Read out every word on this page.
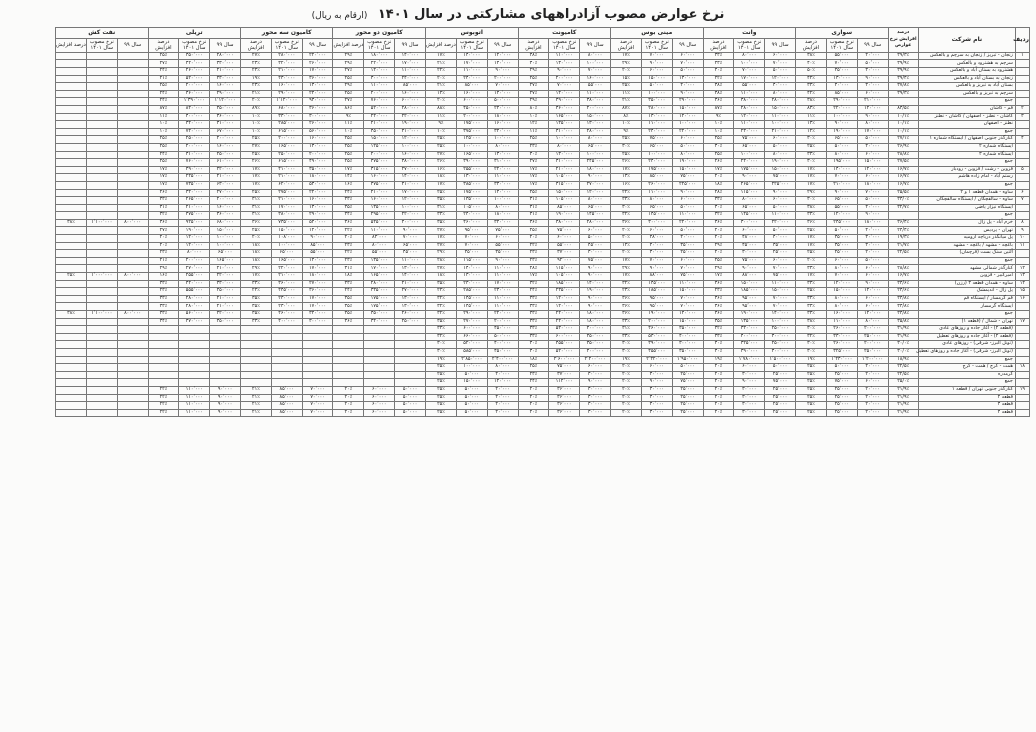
نرخ عوارض مصوب آزادراههای مشارکتی در سال ۱۴۰۱ (ارقام به ریال)
ردیف	نام شرکت	درصد افزایش نرخ عوارض	سواری			وانت			مینی بوس			کامیونت			اتوبوس			کامیون دو محور			کامیون سه محور			تریلی			نفت کش		
			سال ۹۹	نرخ مصوب سال ۱۴۰۱	درصد افزایش	سال ۹۹	نرخ مصوب سال ۱۴۰۱	درصد افزایش	سال ۹۹	نرخ مصوب سال ۱۴۰۱	درصد افزایش	سال ۹۹	نرخ مصوب سال ۱۴۰۱	درصد افزایش	سال ۹۹	نرخ مصوب سال ۱۴۰۱	درصد افزایش	سال ۹۹	نرخ مصوب سال ۱۴۰۱	درصد افزایش	سال ۹۹	نرخ مصوب سال ۱۴۰۱	درصد افزایش	سال ۹۹	نرخ مصوب سال ۱۴۰۱	درصد افزایش	سال ۹۹	نرخ مصوب سال ۱۴۰۱	درصد افزایش
۱	زنجان - تبریز / زنجان به سرچم و بالعکس	۳۹/۳٪	۴۰٬۰۰۰	۵۵٬۰۰۰	۳۸٪	۶۰٬۰۰۰	۸۰٬۰۰۰	۳۳٪	۶۰٬۰۰۰	۷۰٬۰۰۰	۱۷٪	۸۰٬۰۰۰	۱۱۰٬۰۰۰	۳۸٪	۱۲۰٬۰۰۰	۱۴۰٬۰۰۰	۱۷٪	۱۴۰٬۰۰۰	۱۸۰٬۰۰۰	۲۹٪	۲۲۰٬۰۰۰	۲۸۰٬۰۰۰	۲۷٪	۲۸۰٬۰۰۰	۳۵۰٬۰۰۰	۲۵٪			
	سرچم به هشترود و بالعکس	۳۹/۹٪	۵۰٬۰۰۰	۷۰٬۰۰۰	۴۰٪	۷۰٬۰۰۰	۱۰۰٬۰۰۰	۴۳٪	۷۰٬۰۰۰	۹۰٬۰۰۰	۲۹٪	۱۰۰٬۰۰۰	۱۳۰٬۰۰۰	۳۰٪	۱۴۰٬۰۰۰	۱۷۰٬۰۰۰	۲۱٪	۱۷۰٬۰۰۰	۲۲۰٬۰۰۰	۲۹٪	۲۶۰٬۰۰۰	۳۲۰٬۰۰۰	۲۳٪	۳۳۰٬۰۰۰	۴۲۰٬۰۰۰	۲۷٪			
	هشترود به بستان آباد و بالعکس	۳۹/۹٪	۳۰٬۰۰۰	۴۵٬۰۰۰	۵۰٪	۵۰٬۰۰۰	۷۰٬۰۰۰	۴۰٪	۵۰٬۰۰۰	۶۰٬۰۰۰	۲۰٪	۷۰٬۰۰۰	۹۰٬۰۰۰	۲۹٪	۹۰٬۰۰۰	۱۱۰٬۰۰۰	۲۲٪	۱۱۰٬۰۰۰	۱۴۰٬۰۰۰	۲۷٪	۱۷۰٬۰۰۰	۲۱۰٬۰۰۰	۲۴٪	۲۱۰٬۰۰۰	۲۶۰٬۰۰۰	۲۴٪			
	زنجان به بستان آباد و بالعکس	۳۹/۴٪	۹۰٬۰۰۰	۱۳۰٬۰۰۰	۴۴٪	۱۲۰٬۰۰۰	۱۷۰٬۰۰۰	۴۲٪	۱۳۰٬۰۰۰	۱۵۰٬۰۰۰	۱۵٪	۱۶۰٬۰۰۰	۲۰۰٬۰۰۰	۲۵٪	۲۰۰٬۰۰۰	۲۴۰٬۰۰۰	۲۰٪	۲۴۰٬۰۰۰	۳۰۰٬۰۰۰	۲۵٪	۳۶۰٬۰۰۰	۴۳۰٬۰۰۰	۱۹٪	۴۳۰٬۰۰۰	۵۲۰٬۰۰۰	۲۱٪			
	بستان آباد به تبریز و بالعکس	۳۷/۸٪	۳۰٬۰۰۰	۴۰٬۰۰۰	۳۳٪	۴۰٬۰۰۰	۵۵٬۰۰۰	۳۸٪	۴۰٬۰۰۰	۵۰٬۰۰۰	۲۵٪	۵۵٬۰۰۰	۷۰٬۰۰۰	۲۷٪	۷۰٬۰۰۰	۸۵٬۰۰۰	۲۱٪	۸۵٬۰۰۰	۱۱۰٬۰۰۰	۲۹٪	۱۳۰٬۰۰۰	۱۶۰٬۰۰۰	۲۳٪	۱۶۰٬۰۰۰	۲۰۰٬۰۰۰	۲۵٪			
	سرچم به تبریز و بالعکس	۳۹/۳٪	۶۰٬۰۰۰	۸۵٬۰۰۰	۴۲٪	۸۰٬۰۰۰	۱۱۰٬۰۰۰	۳۸٪	۹۰٬۰۰۰	۱۰۰٬۰۰۰	۱۱٪	۱۱۰٬۰۰۰	۱۴۰٬۰۰۰	۲۷٪	۱۴۰٬۰۰۰	۱۶۰٬۰۰۰	۱۴٪	۱۶۰٬۰۰۰	۲۰۰٬۰۰۰	۲۵٪	۲۴۰٬۰۰۰	۲۹۰٬۰۰۰	۲۱٪	۲۹۰٬۰۰۰	۳۶۰٬۰۰۰	۲۴٪			
	جمع		۲۱۰٬۰۰۰	۲۹۰٬۰۰۰	۳۸٪	۲۸۰٬۰۰۰	۳۸۰٬۰۰۰	۳۶٪	۲۹۰٬۰۰۰	۳۵۰٬۰۰۰	۲۱٪	۳۸۰٬۰۰۰	۴۹۰٬۰۰۰	۲۹٪	۵۰۰٬۰۰۰	۶۰۰٬۰۰۰	۲۰٪	۶۰۰٬۰۰۰	۷۶۰٬۰۰۰	۲۷٪	۹۳۰٬۰۰۰	۱٬۱۲۰٬۰۰۰	۲۰٪	۱٬۱۲۰٬۰۰۰	۱٬۳۹۰٬۰۰۰	۲۴٪			
۲	قم - کاشان	۸۳/۵٪	۱۲۰٬۰۰۰	۲۲۰٬۰۰۰	۸۳٪	۱۵۰٬۰۰۰	۲۸۰٬۰۰۰	۸۷٪	۱۵۰٬۰۰۰	۲۸۰٬۰۰۰	۸۷٪	۲۰۰٬۰۰۰	۳۶۰٬۰۰۰	۸۰٪	۲۴۰٬۰۰۰	۴۵۰٬۰۰۰	۸۸٪	۲۸۰٬۰۰۰	۵۲۰٬۰۰۰	۸۶٪	۳۶۰٬۰۰۰	۶۸۰٬۰۰۰	۸۹٪	۴۵۰٬۰۰۰	۸۴۰٬۰۰۰	۸۷٪			
۳	کاشان - نطنز - اصفهان / کاشان - نطنز	۱۰/۱٪	۹۰٬۰۰۰	۱۰۰٬۰۰۰	۱۱٪	۱۱۰٬۰۰۰	۱۲۰٬۰۰۰	۹٪	۱۲۰٬۰۰۰	۱۳۰٬۰۰۰	۸٪	۱۵۰٬۰۰۰	۱۶۵٬۰۰۰	۱۰٪	۱۸۰٬۰۰۰	۲۰۰٬۰۰۰	۱۱٪	۲۲۰٬۰۰۰	۲۴۰٬۰۰۰	۹٪	۳۰۰٬۰۰۰	۳۳۰٬۰۰۰	۱۰٪	۳۶۰٬۰۰۰	۴۰۰٬۰۰۰	۱۱٪			
	نطنز - اصفهان	۱۰/۱٪	۸۰٬۰۰۰	۹۰٬۰۰۰	۱۳٪	۱۰۰٬۰۰۰	۱۱۰٬۰۰۰	۱۰٪	۱۰۰٬۰۰۰	۱۱۰٬۰۰۰	۱۰٪	۱۳۰٬۰۰۰	۱۴۵٬۰۰۰	۱۲٪	۱۶۰٬۰۰۰	۱۷۵٬۰۰۰	۹٪	۱۹۰٬۰۰۰	۲۱۰٬۰۰۰	۱۱٪	۲۶۰٬۰۰۰	۲۸۵٬۰۰۰	۱۰٪	۳۱۰٬۰۰۰	۳۴۰٬۰۰۰	۱۰٪			
	جمع	۱۰/۱٪	۱۷۰٬۰۰۰	۱۹۰٬۰۰۰	۱۲٪	۲۱۰٬۰۰۰	۲۳۰٬۰۰۰	۱۰٪	۲۲۰٬۰۰۰	۲۴۰٬۰۰۰	۹٪	۲۸۰٬۰۰۰	۳۱۰٬۰۰۰	۱۱٪	۳۴۰٬۰۰۰	۳۷۵٬۰۰۰	۱۰٪	۴۱۰٬۰۰۰	۴۵۰٬۰۰۰	۱۰٪	۵۶۰٬۰۰۰	۶۱۵٬۰۰۰	۱۰٪	۶۷۰٬۰۰۰	۷۴۰٬۰۰۰	۱۰٪			
۴	کنارگذر جنوبی اصفهان / ایستگاه شماره ۱	۲۷/۱٪	۵۰٬۰۰۰	۶۵٬۰۰۰	۳۰٪	۶۰٬۰۰۰	۷۵٬۰۰۰	۲۵٪	۶۰٬۰۰۰	۷۵٬۰۰۰	۲۵٪	۸۰٬۰۰۰	۱۰۰٬۰۰۰	۲۵٪	۱۰۰٬۰۰۰	۱۲۵٬۰۰۰	۲۵٪	۱۲۰٬۰۰۰	۱۵۰٬۰۰۰	۲۵٪	۱۶۰٬۰۰۰	۲۰۰٬۰۰۰	۲۵٪	۲۰۰٬۰۰۰	۲۵۰٬۰۰۰	۲۵٪			
	ایستگاه شماره ۲	۲۶/۹٪	۴۰٬۰۰۰	۵۰٬۰۰۰	۲۵٪	۵۰٬۰۰۰	۶۵٬۰۰۰	۳۰٪	۵۰٬۰۰۰	۶۵٬۰۰۰	۳۰٪	۶۵٬۰۰۰	۸۰٬۰۰۰	۲۳٪	۸۰٬۰۰۰	۱۰۰٬۰۰۰	۲۵٪	۱۰۰٬۰۰۰	۱۲۵٬۰۰۰	۲۵٪	۱۳۰٬۰۰۰	۱۶۵٬۰۰۰	۲۷٪	۱۶۰٬۰۰۰	۲۰۰٬۰۰۰	۲۵٪			
	ایستگاه شماره ۳	۲۸/۸٪	۶۰٬۰۰۰	۸۰٬۰۰۰	۳۳٪	۸۰٬۰۰۰	۱۰۰٬۰۰۰	۲۵٪	۸۰٬۰۰۰	۱۰۰٬۰۰۰	۲۵٪	۱۰۰٬۰۰۰	۱۳۰٬۰۰۰	۳۰٪	۱۳۰٬۰۰۰	۱۶۵٬۰۰۰	۲۷٪	۱۶۰٬۰۰۰	۲۰۰٬۰۰۰	۲۵٪	۲۰۰٬۰۰۰	۲۵۰٬۰۰۰	۲۵٪	۲۵۰٬۰۰۰	۳۱۰٬۰۰۰	۲۴٪			
	جمع	۲۷/۵٪	۱۵۰٬۰۰۰	۱۹۵٬۰۰۰	۳۰٪	۱۹۰٬۰۰۰	۲۴۰٬۰۰۰	۲۶٪	۱۹۰٬۰۰۰	۲۴۰٬۰۰۰	۲۶٪	۲۴۵٬۰۰۰	۳۱۰٬۰۰۰	۲۷٪	۳۱۰٬۰۰۰	۳۹۰٬۰۰۰	۲۶٪	۳۸۰٬۰۰۰	۴۷۵٬۰۰۰	۲۵٪	۴۹۰٬۰۰۰	۶۱۵٬۰۰۰	۲۶٪	۶۱۰٬۰۰۰	۷۶۰٬۰۰۰	۲۵٪			
۵	قزوین - رشت / قزوین - رودبار	۱۶/۷٪	۱۲۰٬۰۰۰	۱۴۰٬۰۰۰	۱۷٪	۱۵۰٬۰۰۰	۱۷۵٬۰۰۰	۱۷٪	۱۵۰٬۰۰۰	۱۷۵٬۰۰۰	۱۷٪	۱۸۰٬۰۰۰	۲۱۰٬۰۰۰	۱۷٪	۲۲۰٬۰۰۰	۲۵۵٬۰۰۰	۱۶٪	۲۷۰٬۰۰۰	۳۱۵٬۰۰۰	۱۷٪	۳۵۰٬۰۰۰	۴۱۰٬۰۰۰	۱۷٪	۴۲۰٬۰۰۰	۴۹۰٬۰۰۰	۱۷٪			
	رستم آباد - امام زاده هاشم	۱۶/۷٪	۶۰٬۰۰۰	۷۰٬۰۰۰	۱۷٪	۷۵٬۰۰۰	۹۰٬۰۰۰	۲۰٪	۷۵٬۰۰۰	۸۵٬۰۰۰	۱۳٪	۹۰٬۰۰۰	۱۰۵٬۰۰۰	۱۷٪	۱۱۰٬۰۰۰	۱۳۰٬۰۰۰	۱۸٪	۱۴۰٬۰۰۰	۱۶۰٬۰۰۰	۱۴٪	۱۸۰٬۰۰۰	۲۱۰٬۰۰۰	۱۷٪	۲۱۰٬۰۰۰	۲۴۵٬۰۰۰	۱۷٪			
	جمع	۱۶/۷٪	۱۸۰٬۰۰۰	۲۱۰٬۰۰۰	۱۷٪	۲۲۵٬۰۰۰	۲۶۵٬۰۰۰	۱۸٪	۲۲۵٬۰۰۰	۲۶۰٬۰۰۰	۱۶٪	۲۷۰٬۰۰۰	۳۱۵٬۰۰۰	۱۷٪	۳۳۰٬۰۰۰	۳۸۵٬۰۰۰	۱۷٪	۴۱۰٬۰۰۰	۴۷۵٬۰۰۰	۱۶٪	۵۳۰٬۰۰۰	۶۲۰٬۰۰۰	۱۷٪	۶۳۰٬۰۰۰	۷۳۵٬۰۰۰	۱۷٪			
۶	ساوه - همدان قطعه ۱ و ۲	۲۵/۵٪	۷۰٬۰۰۰	۹۰٬۰۰۰	۲۹٪	۹۰٬۰۰۰	۱۱۵٬۰۰۰	۲۸٪	۹۰٬۰۰۰	۱۱۰٬۰۰۰	۲۲٪	۱۲۰٬۰۰۰	۱۵۰٬۰۰۰	۲۵٪	۱۴۰٬۰۰۰	۱۷۵٬۰۰۰	۲۵٪	۱۷۰٬۰۰۰	۲۱۰٬۰۰۰	۲۴٪	۲۲۰٬۰۰۰	۲۷۵٬۰۰۰	۲۵٪	۲۷۰٬۰۰۰	۳۴۰٬۰۰۰	۲۶٪			
۷	ساوه - سالفچگان / ایستگاه سالفچگان	۳۳/۰٪	۵۰٬۰۰۰	۶۵٬۰۰۰	۳۰٪	۶۰٬۰۰۰	۸۰٬۰۰۰	۳۳٪	۶۰٬۰۰۰	۸۰٬۰۰۰	۳۳٪	۸۰٬۰۰۰	۱۰۵٬۰۰۰	۳۱٪	۱۰۰٬۰۰۰	۱۳۵٬۰۰۰	۳۵٪	۱۲۰٬۰۰۰	۱۶۰٬۰۰۰	۳۳٪	۱۶۰٬۰۰۰	۲۱۰٬۰۰۰	۳۱٪	۲۰۰٬۰۰۰	۲۶۵٬۰۰۰	۳۳٪			
	ایستگاه نیزار یاضی	۳۲/۷٪	۴۰٬۰۰۰	۵۵٬۰۰۰	۳۸٪	۵۰٬۰۰۰	۶۵٬۰۰۰	۳۰٪	۵۰٬۰۰۰	۶۵٬۰۰۰	۳۰٪	۶۵٬۰۰۰	۸۵٬۰۰۰	۳۱٪	۸۰٬۰۰۰	۱۰۵٬۰۰۰	۳۱٪	۱۰۰٬۰۰۰	۱۳۵٬۰۰۰	۳۵٪	۱۳۰٬۰۰۰	۱۷۰٬۰۰۰	۳۱٪	۱۶۰٬۰۰۰	۲۱۰٬۰۰۰	۳۱٪			
	جمع		۹۰٬۰۰۰	۱۲۰٬۰۰۰	۳۳٪	۱۱۰٬۰۰۰	۱۴۵٬۰۰۰	۳۲٪	۱۱۰٬۰۰۰	۱۴۵٬۰۰۰	۳۲٪	۱۴۵٬۰۰۰	۱۹۰٬۰۰۰	۳۱٪	۱۸۰٬۰۰۰	۲۴۰٬۰۰۰	۳۳٪	۲۲۰٬۰۰۰	۲۹۵٬۰۰۰	۳۴٪	۲۹۰٬۰۰۰	۳۸۰٬۰۰۰	۳۱٪	۳۶۰٬۰۰۰	۴۷۵٬۰۰۰	۳۲٪			
۸	خرم آباد - پل زال	۳۶/۴٪	۱۸۰٬۰۰۰	۲۴۵٬۰۰۰	۳۶٪	۲۲۰٬۰۰۰	۳۰۰٬۰۰۰	۳۶٪	۲۲۰٬۰۰۰	۳۰۰٬۰۰۰	۳۶٪	۲۸۰٬۰۰۰	۳۸۰٬۰۰۰	۳۶٪	۳۴۰٬۰۰۰	۴۶۰٬۰۰۰	۳۵٪	۴۰۰٬۰۰۰	۵۴۵٬۰۰۰	۳۶٪	۵۴۰٬۰۰۰	۷۳۵٬۰۰۰	۳۶٪	۶۸۰٬۰۰۰	۹۲۵٬۰۰۰	۳۶٪	۸۰۰٬۰۰۰	۱٬۱۰۰٬۰۰۰	۳۸٪
۹	تهران - پردیس	۲۴/۴٪	۴۰٬۰۰۰	۵۰٬۰۰۰	۲۵٪	۵۰٬۰۰۰	۶۰٬۰۰۰	۲۰٪	۵۰٬۰۰۰	۶۰٬۰۰۰	۲۰٪	۶۰٬۰۰۰	۷۵٬۰۰۰	۲۵٪	۷۵٬۰۰۰	۹۵٬۰۰۰	۲۷٪	۹۰٬۰۰۰	۱۱۰٬۰۰۰	۲۲٪	۱۲۰٬۰۰۰	۱۵۰٬۰۰۰	۲۵٪	۱۵۰٬۰۰۰	۱۹۰٬۰۰۰	۲۷٪			
۱۰	پل میانگذر دریاچه ارومیه	۱۹/۳٪	۳۰٬۰۰۰	۳۵٬۰۰۰	۱۷٪	۴۰٬۰۰۰	۴۸٬۰۰۰	۲۰٪	۴۰٬۰۰۰	۴۸٬۰۰۰	۲۰٪	۵۰٬۰۰۰	۶۰٬۰۰۰	۲۰٪	۶۰٬۰۰۰	۷۰٬۰۰۰	۱۷٪	۷۰٬۰۰۰	۸۴٬۰۰۰	۲۰٪	۹۰٬۰۰۰	۱۰۸٬۰۰۰	۲۰٪	۱۰۰٬۰۰۰	۱۲۰٬۰۰۰	۲۰٪			
۱۱	باغچه - مشهد / باغچه - مشهد	۲۱/۷٪	۳۰٬۰۰۰	۳۵٬۰۰۰	۱۷٪	۳۵٬۰۰۰	۴۵٬۰۰۰	۲۹٪	۳۵٬۰۰۰	۴۰٬۰۰۰	۱۴٪	۴۵٬۰۰۰	۵۵٬۰۰۰	۲۲٪	۵۵٬۰۰۰	۷۰٬۰۰۰	۲۷٪	۶۵٬۰۰۰	۸۰٬۰۰۰	۲۳٪	۸۵٬۰۰۰	۱۰۰٬۰۰۰	۱۸٪	۱۰۰٬۰۰۰	۱۲۰٬۰۰۰	۲۰٪			
	آلتین سنگ بست (قرچمان)	۲۲/۵٪	۲۰٬۰۰۰	۲۵٬۰۰۰	۲۵٪	۲۵٬۰۰۰	۳۰٬۰۰۰	۲۰٪	۲۵٬۰۰۰	۳۰٬۰۰۰	۲۰٪	۳۰٬۰۰۰	۳۷٬۰۰۰	۲۳٪	۳۵٬۰۰۰	۴۵٬۰۰۰	۲۹٪	۴۵٬۰۰۰	۵۵٬۰۰۰	۲۲٪	۵۵٬۰۰۰	۶۵٬۰۰۰	۱۸٪	۶۵٬۰۰۰	۸۰٬۰۰۰	۲۳٪			
	جمع		۵۰٬۰۰۰	۶۰٬۰۰۰	۲۰٪	۶۰٬۰۰۰	۷۵٬۰۰۰	۲۵٪	۶۰٬۰۰۰	۷۰٬۰۰۰	۱۷٪	۷۵٬۰۰۰	۹۲٬۰۰۰	۲۳٪	۹۰٬۰۰۰	۱۱۵٬۰۰۰	۲۸٪	۱۱۰٬۰۰۰	۱۳۵٬۰۰۰	۲۳٪	۱۴۰٬۰۰۰	۱۶۵٬۰۰۰	۱۸٪	۱۶۵٬۰۰۰	۲۰۰٬۰۰۰	۲۱٪			
۱۲	کنارگذر شمالی مشهد	۲۸/۸٪	۶۰٬۰۰۰	۸۰٬۰۰۰	۳۳٪	۷۰٬۰۰۰	۹۰٬۰۰۰	۲۹٪	۷۰٬۰۰۰	۹۰٬۰۰۰	۲۹٪	۹۰٬۰۰۰	۱۱۵٬۰۰۰	۲۸٪	۱۱۰٬۰۰۰	۱۴۰٬۰۰۰	۲۷٪	۱۳۰٬۰۰۰	۱۷۰٬۰۰۰	۳۱٪	۱۷۰٬۰۰۰	۲۲۰٬۰۰۰	۲۹٪	۲۱۰٬۰۰۰	۲۷۰٬۰۰۰	۲۹٪			
۱۳	امیرکبیر - قزوین	۱۶/۷٪	۶۰٬۰۰۰	۷۰٬۰۰۰	۱۷٪	۷۵٬۰۰۰	۸۸٬۰۰۰	۱۷٪	۷۵٬۰۰۰	۸۸٬۰۰۰	۱۷٪	۹۰٬۰۰۰	۱۰۵٬۰۰۰	۱۷٪	۱۱۰٬۰۰۰	۱۳۰٬۰۰۰	۱۸٪	۱۴۰٬۰۰۰	۱۶۵٬۰۰۰	۱۸٪	۱۸۰٬۰۰۰	۲۱۰٬۰۰۰	۱۷٪	۲۲۰٬۰۰۰	۲۵۵٬۰۰۰	۱۶٪	۸۰۰٬۰۰۰	۱٬۰۰۰٬۰۰۰	۲۵٪
۱۴	ساوه - همدان قطعه ۳ (رزن)	۳۳/۶٪	۹۰٬۰۰۰	۱۲۰٬۰۰۰	۳۳٪	۱۱۰٬۰۰۰	۱۵۰٬۰۰۰	۳۶٪	۱۱۰٬۰۰۰	۱۴۵٬۰۰۰	۳۲٪	۱۴۰٬۰۰۰	۱۸۵٬۰۰۰	۳۲٪	۱۷۰٬۰۰۰	۲۳۰٬۰۰۰	۳۵٪	۲۱۰٬۰۰۰	۲۸۰٬۰۰۰	۳۳٪	۲۷۰٬۰۰۰	۳۶۰٬۰۰۰	۳۳٪	۳۳۰٬۰۰۰	۴۴۰٬۰۰۰	۳۳٪			
۱۵	پل زال - اندیمشک	۲۳/۶٪	۱۲۰٬۰۰۰	۱۵۰٬۰۰۰	۲۵٪	۱۵۰٬۰۰۰	۱۸۵٬۰۰۰	۲۳٪	۱۵۰٬۰۰۰	۱۸۵٬۰۰۰	۲۳٪	۱۹۰٬۰۰۰	۲۳۵٬۰۰۰	۲۴٪	۲۳۰٬۰۰۰	۲۸۵٬۰۰۰	۲۴٪	۲۷۰٬۰۰۰	۳۳۵٬۰۰۰	۲۴٪	۳۶۰٬۰۰۰	۴۴۵٬۰۰۰	۲۴٪	۴۵۰٬۰۰۰	۵۵۵٬۰۰۰	۲۳٪			
۱۶	قم گرمسار / ایستگاه قم	۳۳/۸٪	۶۰٬۰۰۰	۸۰٬۰۰۰	۳۳٪	۷۰٬۰۰۰	۹۵٬۰۰۰	۳۶٪	۷۰٬۰۰۰	۹۵٬۰۰۰	۳۶٪	۹۰٬۰۰۰	۱۲۰٬۰۰۰	۳۳٪	۱۱۰٬۰۰۰	۱۴۵٬۰۰۰	۳۲٪	۱۳۰٬۰۰۰	۱۷۵٬۰۰۰	۳۵٪	۱۷۰٬۰۰۰	۲۳۰٬۰۰۰	۳۵٪	۲۱۰٬۰۰۰	۲۸۰٬۰۰۰	۳۳٪			
	ایستگاه گرمسار	۳۳/۸٪	۶۰٬۰۰۰	۸۰٬۰۰۰	۳۳٪	۷۰٬۰۰۰	۹۵٬۰۰۰	۳۶٪	۷۰٬۰۰۰	۹۵٬۰۰۰	۳۶٪	۹۰٬۰۰۰	۱۲۰٬۰۰۰	۳۳٪	۱۱۰٬۰۰۰	۱۴۵٬۰۰۰	۳۲٪	۱۳۰٬۰۰۰	۱۷۵٬۰۰۰	۳۵٪	۱۷۰٬۰۰۰	۲۳۰٬۰۰۰	۳۵٪	۲۱۰٬۰۰۰	۲۸۰٬۰۰۰	۳۳٪			
	جمع	۳۳/۸٪	۱۲۰٬۰۰۰	۱۶۰٬۰۰۰	۳۳٪	۱۴۰٬۰۰۰	۱۹۰٬۰۰۰	۳۶٪	۱۴۰٬۰۰۰	۱۹۰٬۰۰۰	۳۶٪	۱۸۰٬۰۰۰	۲۴۰٬۰۰۰	۳۳٪	۲۲۰٬۰۰۰	۲۹۰٬۰۰۰	۳۲٪	۲۶۰٬۰۰۰	۳۵۰٬۰۰۰	۳۵٪	۳۴۰٬۰۰۰	۴۶۰٬۰۰۰	۳۵٪	۴۲۰٬۰۰۰	۵۶۰٬۰۰۰	۳۳٪	۸۰۰٬۰۰۰	۱٬۱۰۰٬۰۰۰	۳۸٪
۱۷	تهران - شمال / (قطعه ۱)	۳۵/۸٪	۸۰٬۰۰۰	۱۱۰٬۰۰۰	۳۸٪	۱۰۰٬۰۰۰	۱۳۵٬۰۰۰	۳۵٪	۱۵۰٬۰۰۰	۲۰۰٬۰۰۰	۳۳٪	۱۸۰٬۰۰۰	۲۴۰٬۰۰۰	۳۳٪	۲۰۰٬۰۰۰	۲۷۰٬۰۰۰	۳۵٪	۲۵۰٬۰۰۰	۳۴۰٬۰۰۰	۳۶٪	۳۰۰٬۰۰۰	۴۰۰٬۰۰۰	۳۳٪	۳۵۰٬۰۰۰	۴۷۰٬۰۰۰	۳۴٪			
	(قطعه ۲) - آغاز جاده و روزهای عادی	۳۱/۹٪	۲۰۰٬۰۰۰	۲۶۰٬۰۰۰	۳۰٪	۲۵۰٬۰۰۰	۳۳۰٬۰۰۰	۳۲٪	۳۵۰٬۰۰۰	۴۶۰٬۰۰۰	۳۱٪	۴۰۰٬۰۰۰	۵۳۰٬۰۰۰	۳۳٪	۴۵۰٬۰۰۰	۶۰۰٬۰۰۰	۳۳٪												
	(قطعه ۲) - آغاز جاده و روزهای تعطیل	۳۱/۹٪	۲۵۰٬۰۰۰	۳۳۰٬۰۰۰	۳۲٪	۳۰۰٬۰۰۰	۴۰۰٬۰۰۰	۳۳٪	۴۰۰٬۰۰۰	۵۳۰٬۰۰۰	۳۳٪	۴۵۰٬۰۰۰	۶۰۰٬۰۰۰	۳۳٪	۵۰۰٬۰۰۰	۶۶۰٬۰۰۰	۳۲٪												
	(تونل البرز- شرقی) - روزهای عادی	۳۰/۰٪	۲۰۰٬۰۰۰	۲۶۰٬۰۰۰	۳۰٪	۲۵۰٬۰۰۰	۳۲۵٬۰۰۰	۳۰٪	۳۰۰٬۰۰۰	۳۹۰٬۰۰۰	۳۰٪	۳۵۰٬۰۰۰	۴۵۵٬۰۰۰	۳۰٪	۴۰۰٬۰۰۰	۵۲۰٬۰۰۰	۳۰٪												
	(تونل البرز- شرقی) - آغاز جاده و روزهای تعطیل	۳۰/۰٪	۲۵۰٬۰۰۰	۳۲۵٬۰۰۰	۳۰٪	۳۰۰٬۰۰۰	۳۹۰٬۰۰۰	۳۰٪	۳۵۰٬۰۰۰	۴۵۵٬۰۰۰	۳۰٪	۴۰۰٬۰۰۰	۵۲۰٬۰۰۰	۳۰٪	۴۵۰٬۰۰۰	۵۸۵٬۰۰۰	۳۰٪												
	جمع	۱۸/۹٪	۱٬۲۰۰٬۰۰۰	۱٬۴۳۰٬۰۰۰	۱۹٪	۱٬۵۰۰٬۰۰۰	۱٬۷۸۰٬۰۰۰	۱۹٪	۱٬۹۵۰٬۰۰۰	۲٬۳۲۰٬۰۰۰	۱۹٪	۲٬۲۰۰٬۰۰۰	۲٬۶۰۰٬۰۰۰	۱۸٪	۲٬۴۰۰٬۰۰۰	۲٬۸۵۰٬۰۰۰	۱۹٪												
۱۸	همت - کرج / همت - کرج	۲۲/۵٪	۴۰٬۰۰۰	۵۰٬۰۰۰	۲۵٪	۵۰٬۰۰۰	۶۰٬۰۰۰	۲۰٪	۵۰٬۰۰۰	۶۰٬۰۰۰	۲۰٪	۶۰٬۰۰۰	۷۵٬۰۰۰	۲۵٪	۸۰٬۰۰۰	۱۰۰٬۰۰۰	۲۵٪												
	گرمدره	۲۲/۵٪	۲۰٬۰۰۰	۲۵٬۰۰۰	۲۵٪	۲۵٬۰۰۰	۳۰٬۰۰۰	۲۰٪	۲۵٬۰۰۰	۳۰٬۰۰۰	۲۰٪	۳۰٬۰۰۰	۳۷٬۰۰۰	۲۳٪	۴۰٬۰۰۰	۵۰٬۰۰۰	۲۵٪												
	جمع	۲۵/۰٪	۶۰٬۰۰۰	۷۵٬۰۰۰	۲۵٪	۷۵٬۰۰۰	۹۰٬۰۰۰	۲۰٪	۷۵٬۰۰۰	۹۰٬۰۰۰	۲۰٪	۹۰٬۰۰۰	۱۱۲٬۰۰۰	۲۴٪	۱۲۰٬۰۰۰	۱۵۰٬۰۰۰	۲۵٪												
۱۹	کنارگذر جنوبی تهران / قطعه ۱	۲۱/۹٪	۲۰٬۰۰۰	۲۵٬۰۰۰	۲۵٪	۲۵٬۰۰۰	۳۰٬۰۰۰	۲۰٪	۲۵٬۰۰۰	۳۰٬۰۰۰	۲۰٪	۳۰٬۰۰۰	۳۶٬۰۰۰	۲۰٪	۴۰٬۰۰۰	۵۰٬۰۰۰	۲۵٪	۵۰٬۰۰۰	۶۰٬۰۰۰	۲۰٪	۷۰٬۰۰۰	۸۵٬۰۰۰	۲۱٪	۹۰٬۰۰۰	۱۱۰٬۰۰۰	۲۲٪			
	قطعه ۲	۲۱/۹٪	۲۰٬۰۰۰	۲۵٬۰۰۰	۲۵٪	۲۵٬۰۰۰	۳۰٬۰۰۰	۲۰٪	۲۵٬۰۰۰	۳۰٬۰۰۰	۲۰٪	۳۰٬۰۰۰	۳۶٬۰۰۰	۲۰٪	۴۰٬۰۰۰	۵۰٬۰۰۰	۲۵٪	۵۰٬۰۰۰	۶۰٬۰۰۰	۲۰٪	۷۰٬۰۰۰	۸۵٬۰۰۰	۲۱٪	۹۰٬۰۰۰	۱۱۰٬۰۰۰	۲۲٪			
	قطعه ۳	۲۱/۹٪	۲۰٬۰۰۰	۲۵٬۰۰۰	۲۵٪	۲۵٬۰۰۰	۳۰٬۰۰۰	۲۰٪	۲۵٬۰۰۰	۳۰٬۰۰۰	۲۰٪	۳۰٬۰۰۰	۳۶٬۰۰۰	۲۰٪	۴۰٬۰۰۰	۵۰٬۰۰۰	۲۵٪	۵۰٬۰۰۰	۶۰٬۰۰۰	۲۰٪	۷۰٬۰۰۰	۸۵٬۰۰۰	۲۱٪	۹۰٬۰۰۰	۱۱۰٬۰۰۰	۲۲٪			
	قطعه ۴	۲۱/۹٪	۲۰٬۰۰۰	۲۵٬۰۰۰	۲۵٪	۲۵٬۰۰۰	۳۰٬۰۰۰	۲۰٪	۲۵٬۰۰۰	۳۰٬۰۰۰	۲۰٪	۳۰٬۰۰۰	۳۶٬۰۰۰	۲۰٪	۴۰٬۰۰۰	۵۰٬۰۰۰	۲۵٪	۵۰٬۰۰۰	۶۰٬۰۰۰	۲۰٪	۷۰٬۰۰۰	۸۵٬۰۰۰	۲۱٪	۹۰٬۰۰۰	۱۱۰٬۰۰۰	۲۲٪			
